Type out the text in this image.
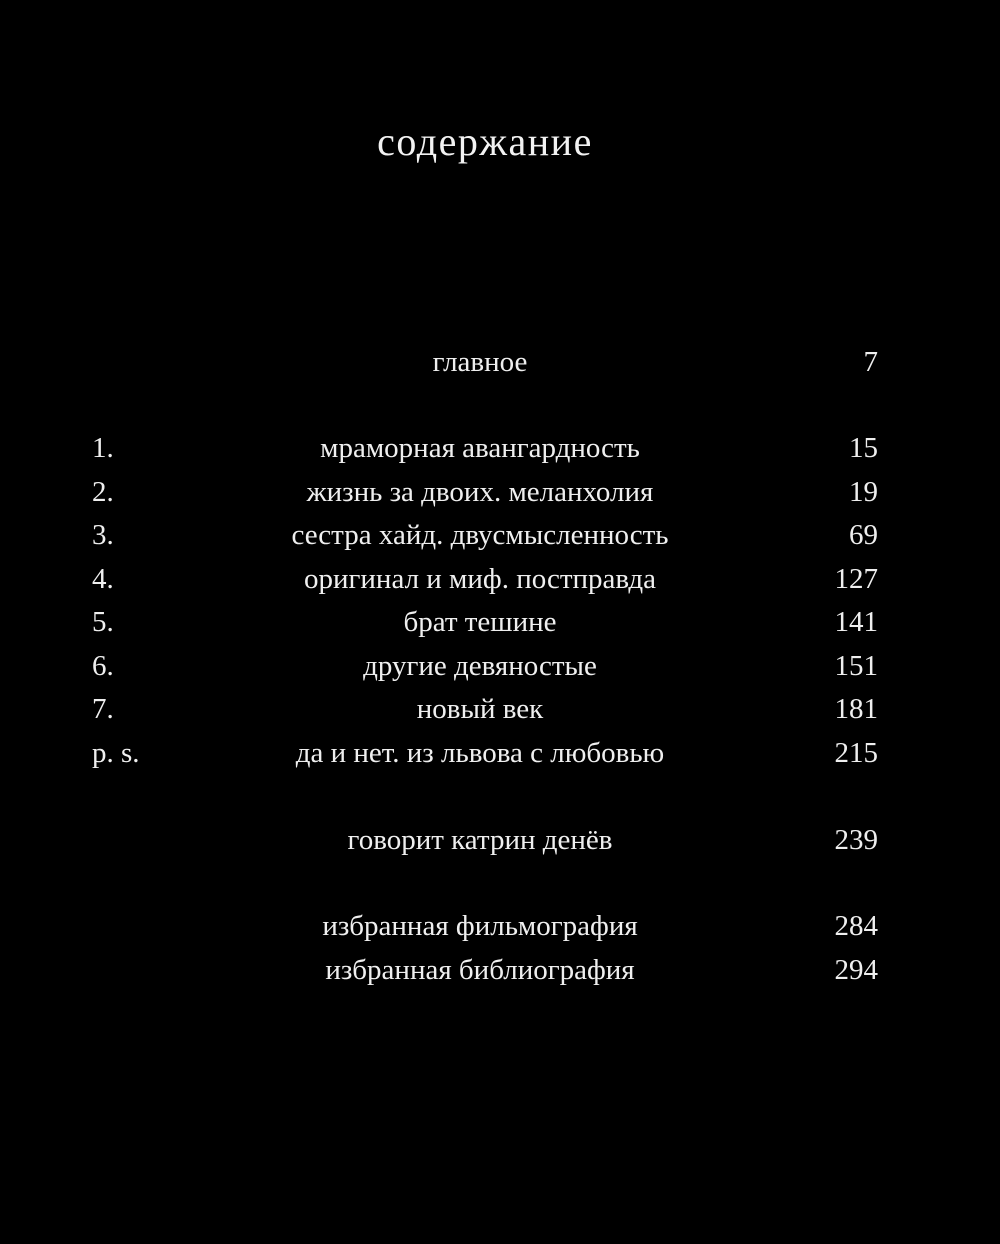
содержание
главное	7
1.	мраморная авангардность	15
2.	жизнь за двоих. меланхолия	19
3.	сестра хайд. двусмысленность	69
4.	оригинал и миф. постправда	127
5.	брат тешине	141
6.	другие девяностые	151
7.	новый век	181
p. s.	да и нет. из львова с любовью	215
говорит катрин денёв	239
избранная фильмография	284
избранная библиография	294
